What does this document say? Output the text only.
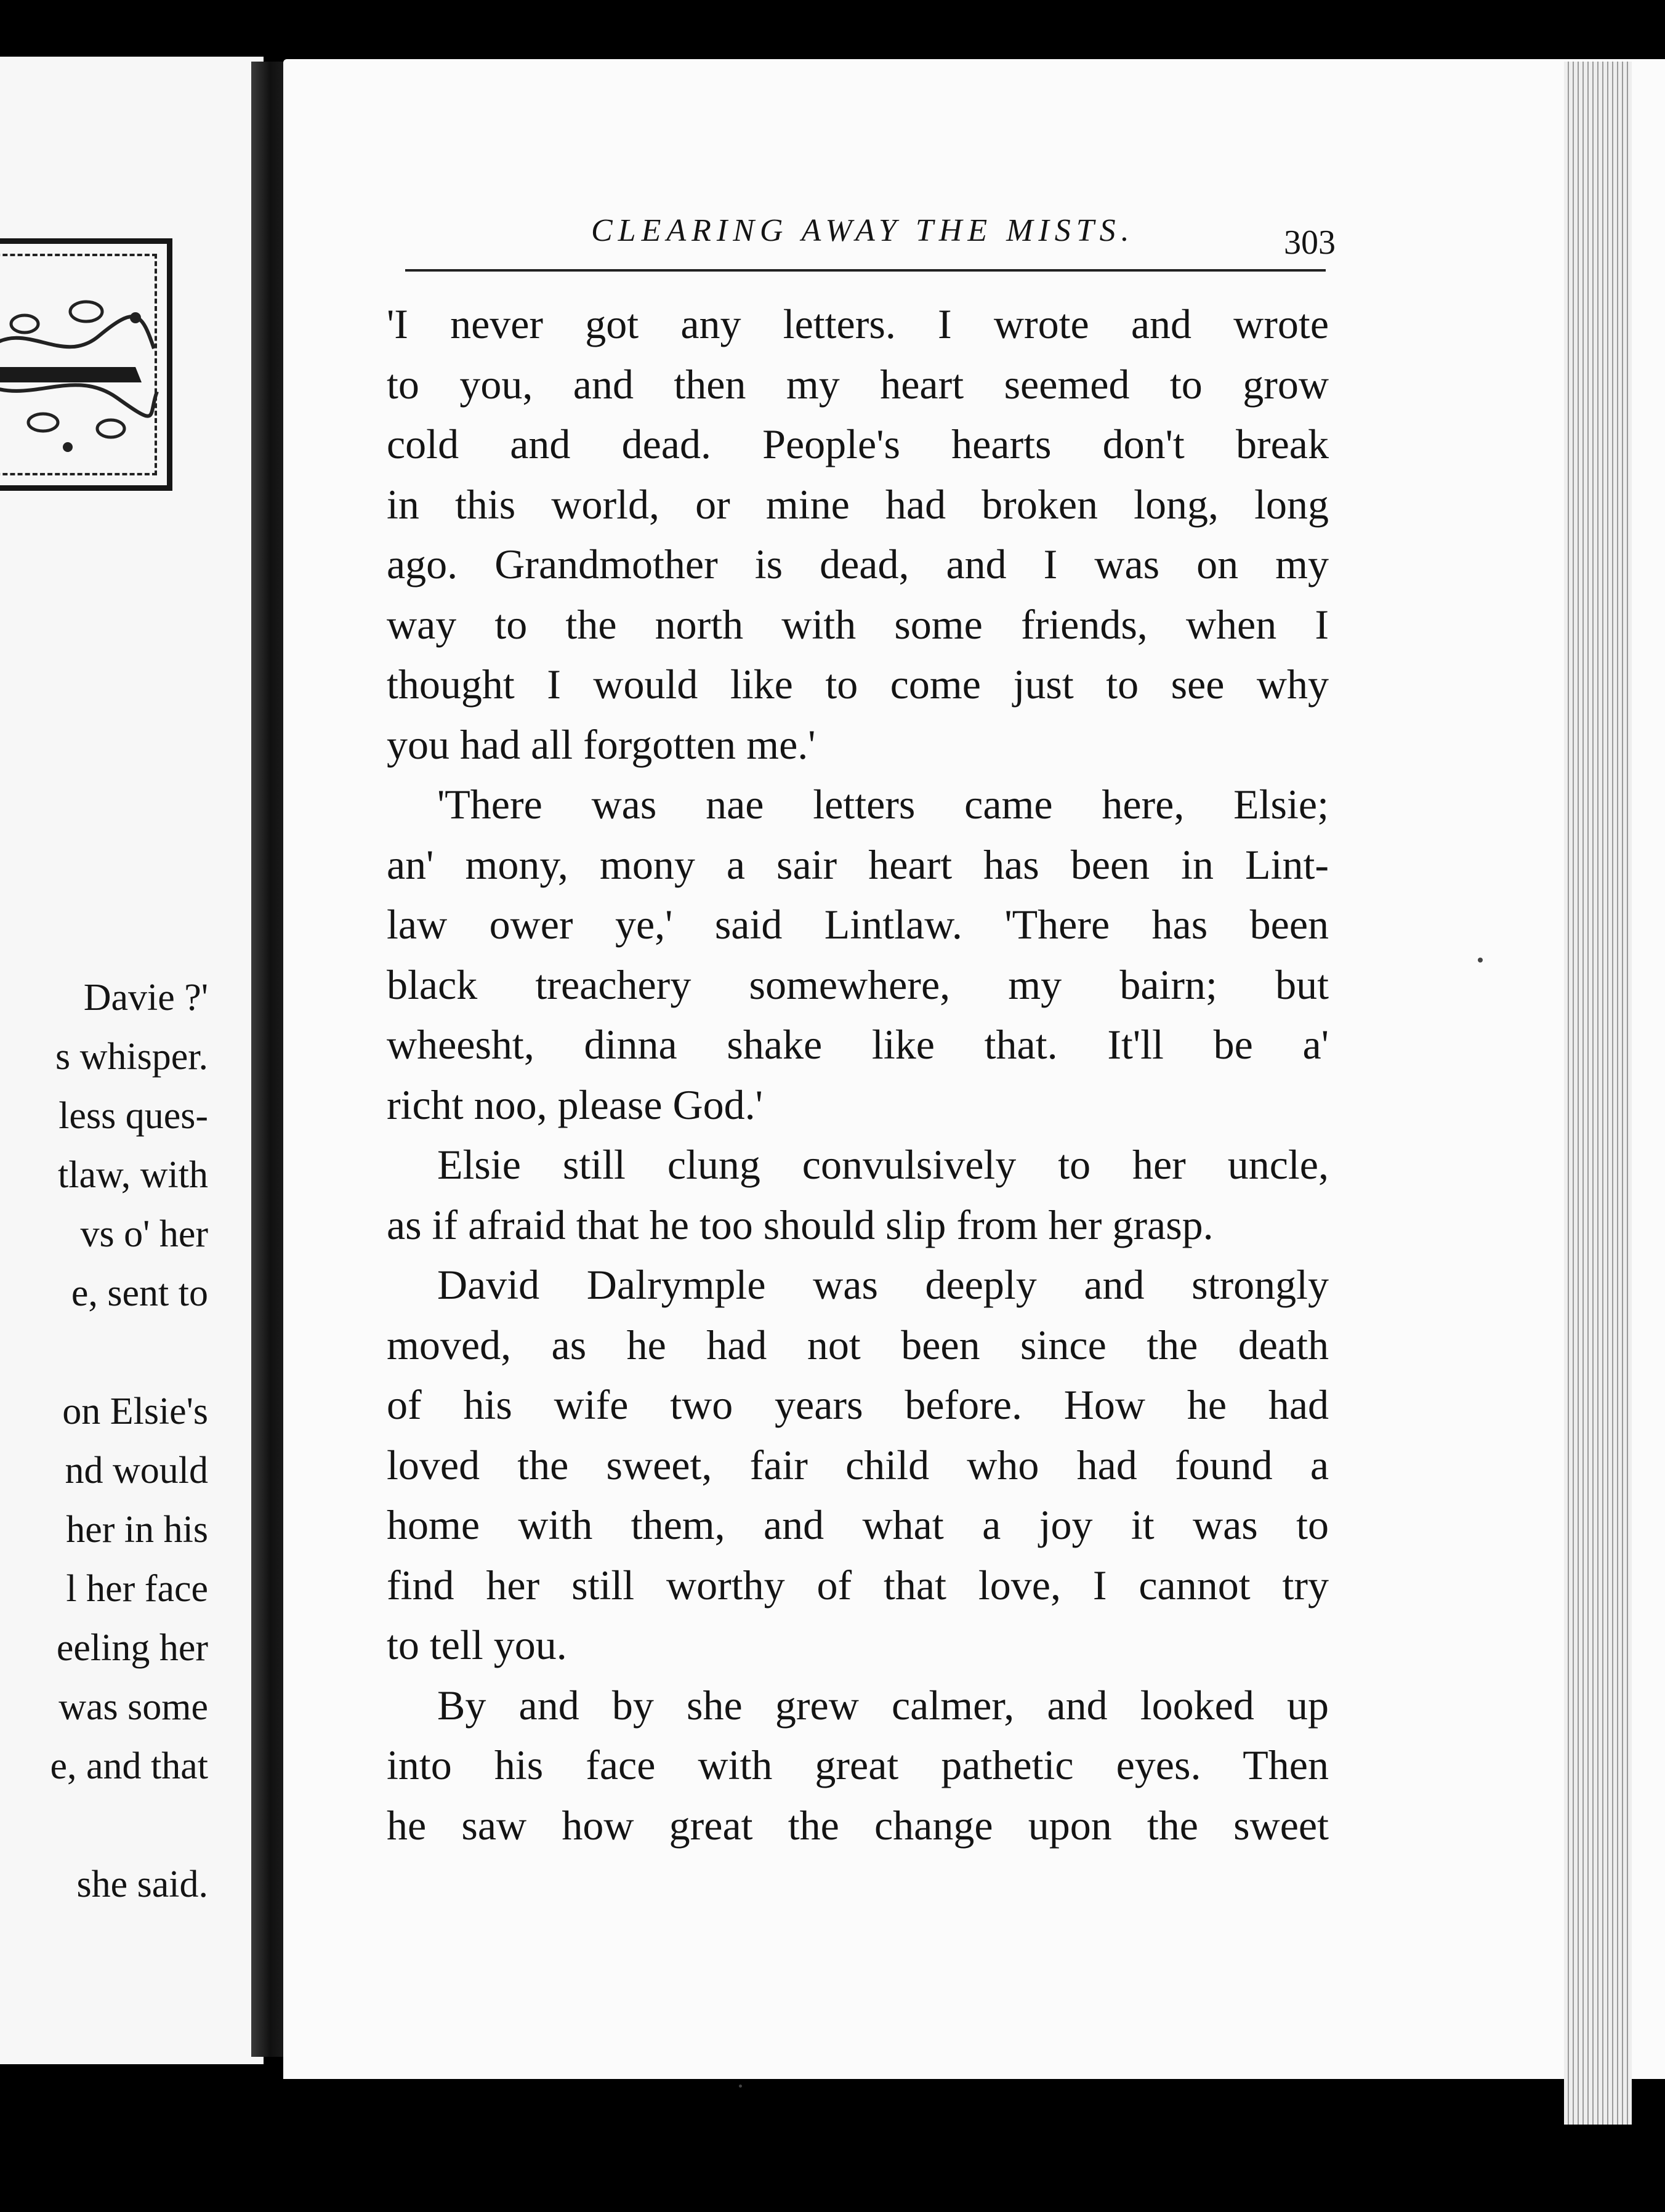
Davie ?'
s whisper.
less ques-
tlaw, with
vs o' her
e, sent to
on Elsie's
nd would
her in his
l her face
eeling her
was some
e, and that
she said.
CLEARING AWAY THE MISTS.	303
'I never got any letters. I wrote and wrote
to you, and then my heart seemed to grow
cold and dead. People's hearts don't break
in this world, or mine had broken long, long
ago. Grandmother is dead, and I was on my
way to the north with some friends, when I
thought I would like to come just to see why
you had all forgotten me.'
'There was nae letters came here, Elsie;
an' mony, mony a sair heart has been in Lint-
law ower ye,' said Lintlaw. 'There has been
black treachery somewhere, my bairn; but
wheesht, dinna shake like that. It'll be a'
richt noo, please God.'
Elsie still clung convulsively to her uncle,
as if afraid that he too should slip from her grasp.
David Dalrymple was deeply and strongly
moved, as he had not been since the death
of his wife two years before. How he had
loved the sweet, fair child who had found a
home with them, and what a joy it was to
find her still worthy of that love, I cannot try
to tell you.
By and by she grew calmer, and looked up
into his face with great pathetic eyes. Then
he saw how great the change upon the sweet
